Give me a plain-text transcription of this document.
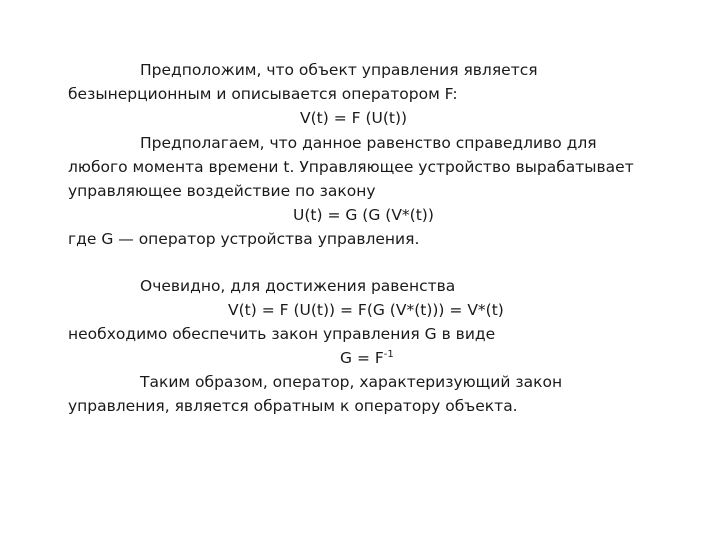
Предположим, что объект управления является
безынерционным и описывается оператором F:
V(t) = F (U(t))
Предполагаем, что данное равенство справедливо для
любого момента времени t. Управляющее устройство вырабатывает
управляющее воздействие по закону
U(t) = G (G (V*(t))
где G — оператор устройства управления.
Очевидно, для достижения равенства
V(t) = F (U(t)) = F(G (V*(t))) = V*(t)
необходимо обеспечить закон управления G в виде
$G = F^{-1}$
Таким образом, оператор, характеризующий закон
управления, является обратным к оператору объекта.
